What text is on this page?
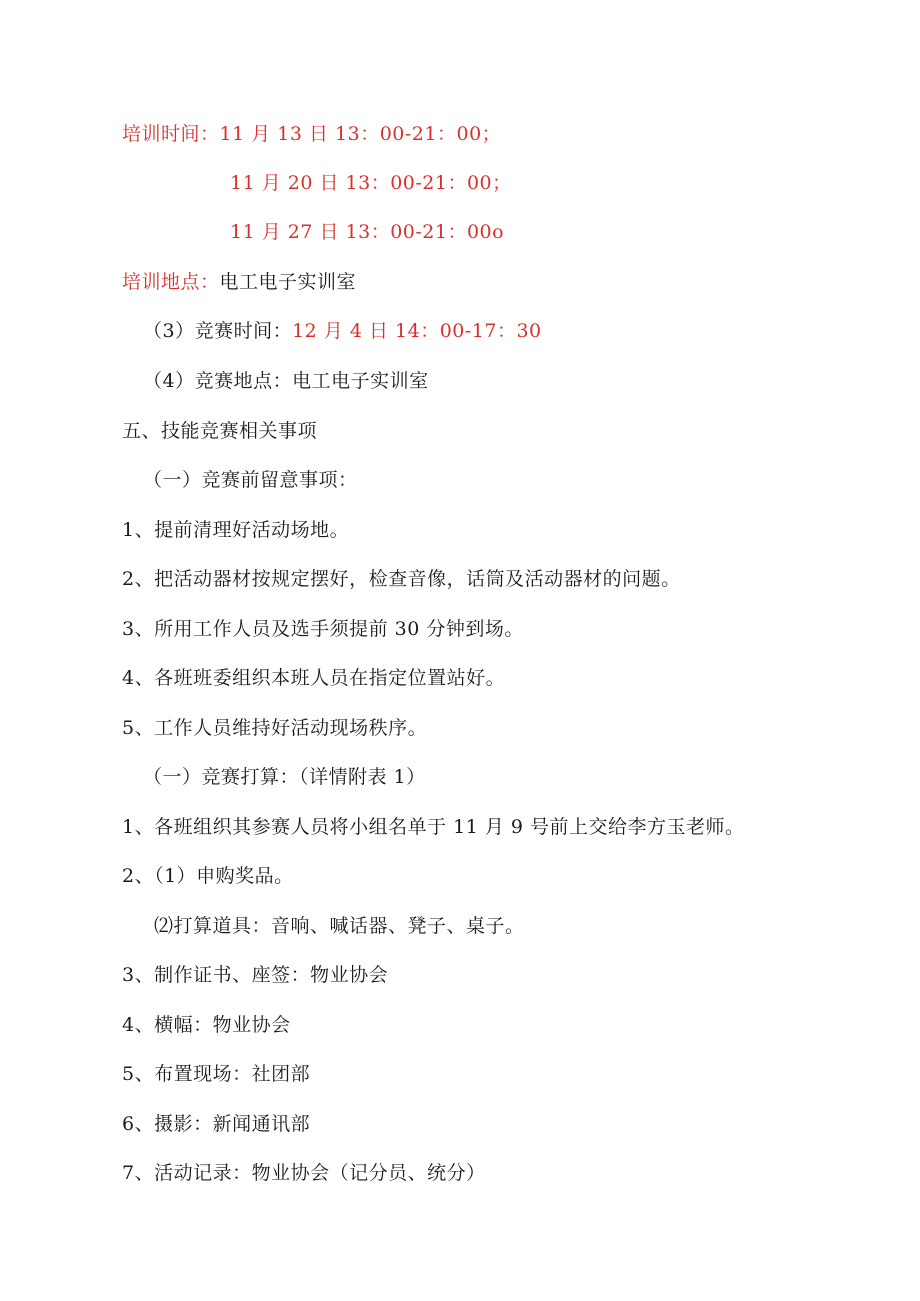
培训时间：11 月 13 日 13：00-21：00；
11 月 20 日 13：00-21：00；
11 月 27 日 13：00-21：00o
培训地点：电工电子实训室
（3）竞赛时间：12 月 4 日 14：00-17：30
（4）竞赛地点：电工电子实训室
五、技能竞赛相关事项
（一）竞赛前留意事项：
1、提前清理好活动场地。
2、把活动器材按规定摆好，检查音像，话筒及活动器材的问题。
3、所用工作人员及选手须提前 30 分钟到场。
4、各班班委组织本班人员在指定位置站好。
5、工作人员维持好活动现场秩序。
（一）竞赛打算：（详情附表 1）
1、各班组织其参赛人员将小组名单于 11 月 9 号前上交给李方玉老师。
2、（1）申购奖品。
⑵打算道具：音响、喊话器、凳子、桌子。
3、制作证书、座签：物业协会
4、横幅：物业协会
5、布置现场：社团部
6、摄影：新闻通讯部
7、活动记录：物业协会（记分员、统分）
